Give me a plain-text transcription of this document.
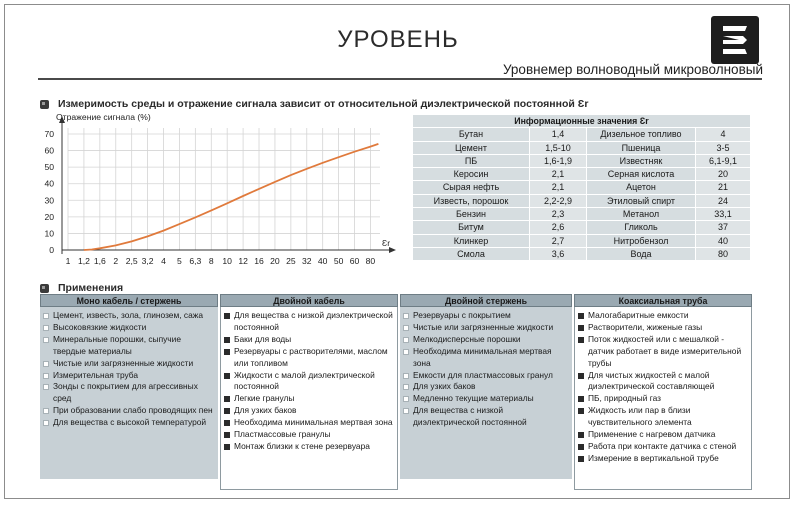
УРОВЕНЬ
Уровнемер волноводный микроволновый
Измеримость среды и отражение сигнала зависит от относительной диэлектрической постоянной Ɛr
0
10
20
30
40
50
60
70
1 1,2 1,6 2 2,5 3,2 4 5 6,3 8 10 12 16 20 25 32 40 50 60 80
Отражение сигнала (%)
Ɛr
Информационные значения Ɛr			
Бутан	1,4	Дизельное топливо	4
Цемент	1,5-10	Пшеница	3-5
ПБ	1,6-1,9	Известняк	6,1-9,1
Керосин	2,1	Серная кислота	20
Сырая нефть	2,1	Ацетон	21
Известь, порошок	2,2-2,9	Этиловый спирт	24
Бензин	2,3	Метанол	33,1
Битум	2,6	Гликоль	37
Клинкер	2,7	Нитробензол	40
Смола	3,6	Вода	80
Применения
Моно кабель / стержень
Цемент, известь, зола, глинозем, сажа
Высоковязкие жидкости
Минеральные порошки, сыпучие твердые материалы
Чистые или загрязненные жидкости
Измерительная труба
Зонды с покрытием для агрессивных сред
При образовании слабо проводящих пен
Для вещества с высокой температурой
Двойной кабель
Для вещества с низкой диэлектрической постоянной
Баки для воды
Резервуары с растворителями, маслом или топливом
Жидкости с малой диэлектрической постоянной
Легкие гранулы
Для узких баков
Необходима минимальная мертвая зона
Пластмассовые гранулы
Монтаж близки к стене резервуара
Двойной стержень
Резервуары с покрытием
Чистые или загрязненные жидкости
Мелкодисперсные порошки
Необходима минимальная мертвая зона
Емкости для пластмассовых гранул
Для узких баков
Медленно текущие материалы
Для вещества с низкой диэлектрической постоянной
Коаксиальная труба
Малогабаритные емкости
Растворители, жиженые газы
Поток жидкостей или с мешалкой - датчик работает в виде измерительной трубы
Для чистых жидкостей с малой диэлектрической составляющей
ПБ, природный газ
Жидкость или пар в близи чувствительного элемента
Применение с нагревом датчика
Работа при контакте датчика с стеной
Измерение в вертикальной трубе
